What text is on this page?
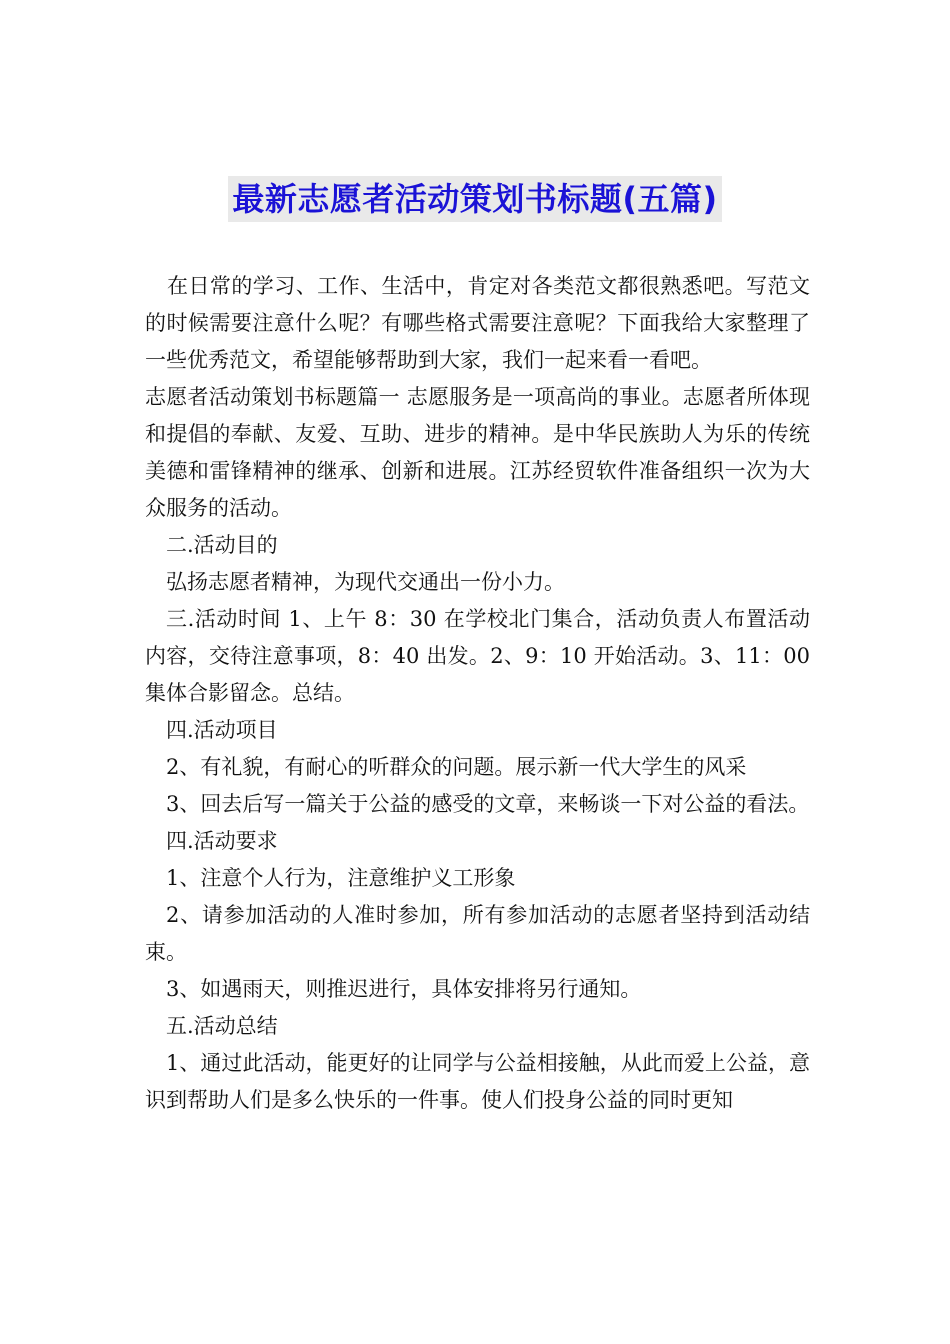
最新志愿者活动策划书标题(五篇)

在日常的学习、工作、生活中，肯定对各类范文都很熟悉吧。写范文的时候需要注意什么呢？有哪些格式需要注意呢？下面我给大家整理了一些优秀范文，希望能够帮助到大家，我们一起来看一看吧。

志愿者活动策划书标题篇一 志愿服务是一项高尚的事业。志愿者所体现和提倡的奉献、友爱、互助、进步的精神。是中华民族助人为乐的传统美德和雷锋精神的继承、创新和进展。江苏经贸软件准备组织一次为大众服务的活动。

二.活动目的

弘扬志愿者精神，为现代交通出一份小力。

三.活动时间 1、上午 8：30 在学校北门集合，活动负责人布置活动内容，交待注意事项，8：40 出发。2、9：10 开始活动。3、11：00 集体合影留念。总结。

四.活动项目

2、有礼貌，有耐心的听群众的问题。展示新一代大学生的风采

3、回去后写一篇关于公益的感受的文章，来畅谈一下对公益的看法。

四.活动要求

1、注意个人行为，注意维护义工形象

2、请参加活动的人准时参加，所有参加活动的志愿者坚持到活动结束。

3、如遇雨天，则推迟进行，具体安排将另行通知。

五.活动总结

1、通过此活动，能更好的让同学与公益相接触，从此而爱上公益，意识到帮助人们是多么快乐的一件事。使人们投身公益的同时更知
